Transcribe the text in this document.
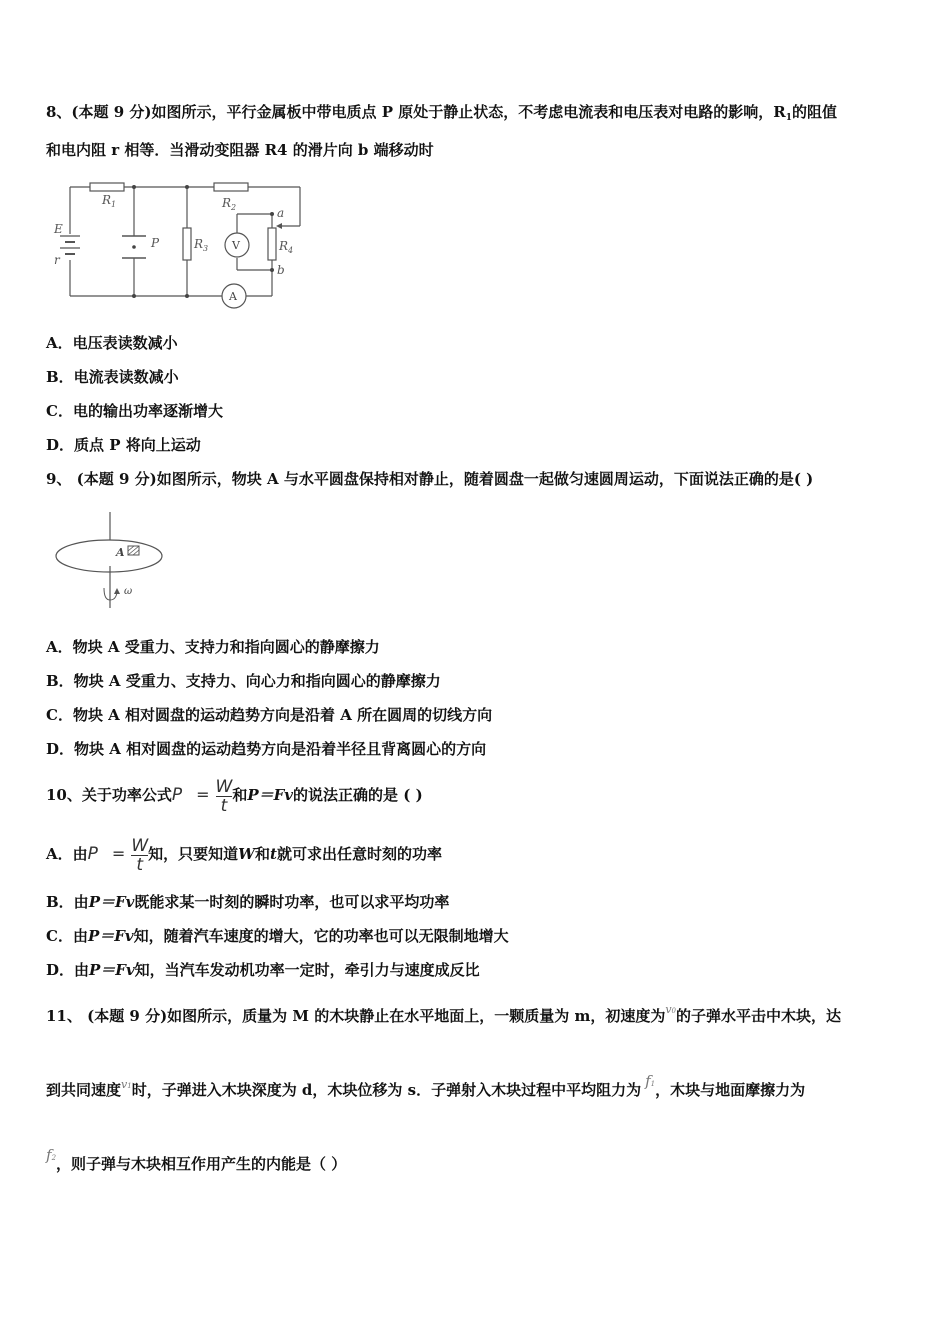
8、(本题 9 分)如图所示，平行金属板中带电质点 P 原处于静止状态，不考虑电流表和电压表对电路的影响，$R_1$的阻值
和电内阻 r 相等．当滑动变阻器 R4 的滑片向 b 端移动时
E
r
$R_1$	$R_2$
$R_3$	$R_4$
P
a
b
V
A
A．电压表读数减小
B．电流表读数减小
C．电的输出功率逐渐增大
D．质点 P 将向上运动
9、 (本题 9 分)如图所示，物块 A 与水平圆盘保持相对静止，随着圆盘一起做匀速圆周运动，下面说法正确的是( )
A
ω
A．物块 A 受重力、支持力和指向圆心的静摩擦力
B．物块 A 受重力、支持力、向心力和指向圆心的静摩擦力
C．物块 A 相对圆盘的运动趋势方向是沿着 A 所在圆周的切线方向
D．物块 A 相对圆盘的运动趋势方向是沿着半径且背离圆心的方向
10、关于功率公式$P = \frac{W}{t}$ 和P＝Fv的说法正确的是 ( )
A．由$P = \frac{W}{t}$ 知，只要知道W和t就可求出任意时刻的功率
B．由P＝Fv既能求某一时刻的瞬时功率，也可以求平均功率
C．由P＝Fv知，随着汽车速度的增大，它的功率也可以无限制地增大
D．由P＝Fv知，当汽车发动机功率一定时，牵引力与速度成反比
11、 (本题 9 分)如图所示，质量为 M 的木块静止在水平地面上，一颗质量为 m，初速度为$^{v0}$的子弹水平击中木块，达
到共同速度$^{v1}$时，子弹进入木块深度为 d，木块位移为 s．子弹射入木块过程中平均阻力为 f1，木块与地面摩擦力为
f2，则子弹与木块相互作用产生的内能是（ ）
